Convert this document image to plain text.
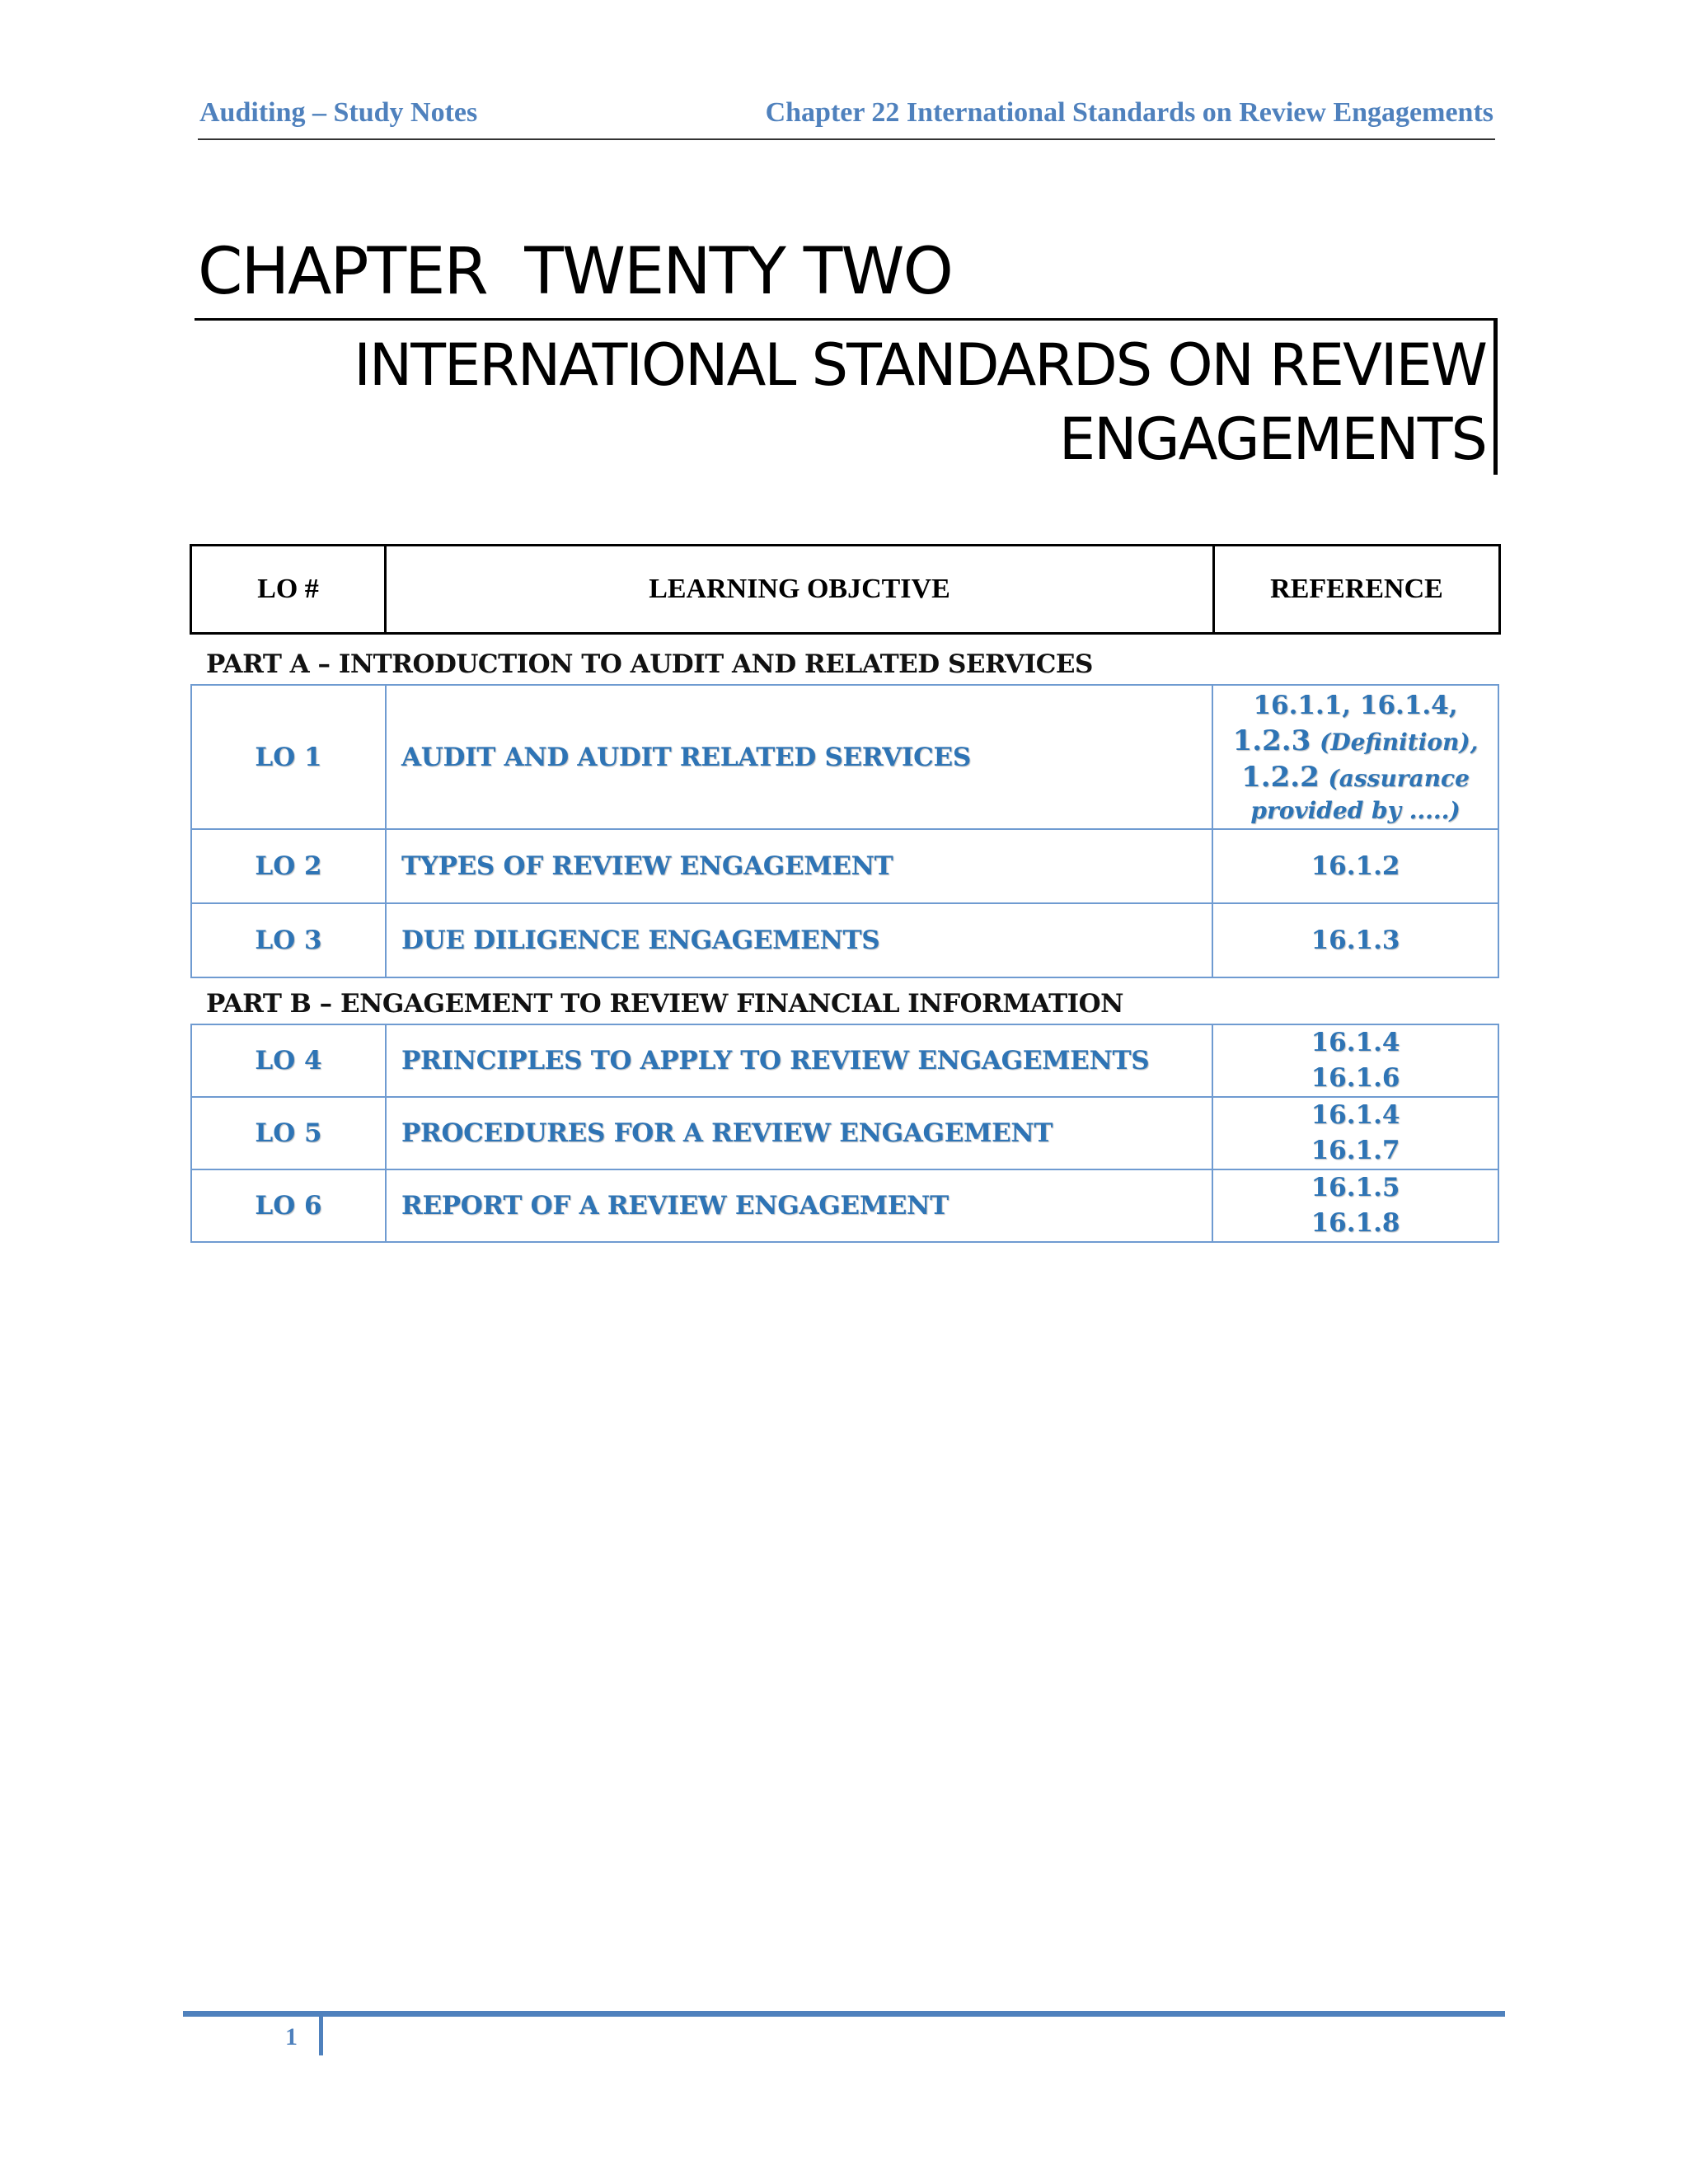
Auditing – Study Notes	Chapter 22 International Standards on Review Engagements
CHAPTER  TWENTY TWO
INTERNATIONAL STANDARDS ON REVIEW
ENGAGEMENTS
LO #	LEARNING OBJCTIVE	REFERENCE
PART A – INTRODUCTION TO AUDIT AND RELATED SERVICES
LO 1	AUDIT AND AUDIT RELATED SERVICES	16.1.1, 16.1.4,
1.2.3 (Definition),
1.2.2 (assurance
provided by .....)

LO 2	TYPES OF REVIEW ENGAGEMENT	16.1.2
LO 3	DUE DILIGENCE ENGAGEMENTS	16.1.3
PART B – ENGAGEMENT TO REVIEW FINANCIAL INFORMATION
LO 4	PRINCIPLES TO APPLY TO REVIEW ENGAGEMENTS	16.1.4
16.1.6

LO 5	PROCEDURES FOR A REVIEW ENGAGEMENT	16.1.4
16.1.7

LO 6	REPORT OF A REVIEW ENGAGEMENT	16.1.5
16.1.8
1
